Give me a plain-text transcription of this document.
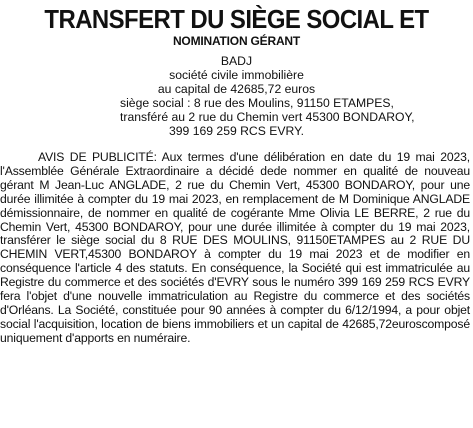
TRANSFERT DU SIÈGE SOCIAL ET
NOMINATION GÉRANT
BADJ
société civile immobilière
au capital de 42685,72 euros
siège social : 8 rue des Moulins, 91150 ETAMPES,
transféré au 2 rue du Chemin vert 45300 BONDAROY,
399 169 259 RCS EVRY.

AVIS DE PUBLICITÉ: Aux termes d'une délibération en date du 19 mai 2023, l'Assemblée Générale Extraordinaire a décidé dede nommer en qualité de nouveau gérant M Jean-Luc ANGLADE, 2 rue du Chemin Vert, 45300 BONDAROY, pour une durée illimitée à compter du 19 mai 2023, en remplacement de M Dominique ANGLADE démissionnaire, de nommer en qualité de cogérante Mme Olivia LE BERRE, 2 rue du Chemin Vert, 45300 BONDAROY, pour une durée illimitée à compter du 19 mai 2023, transférer le siège social du 8 RUE DES MOULINS, 91150ETAMPES au 2 RUE DU CHEMIN VERT,45300 BONDAROY à compter du 19 mai 2023 et de modifier en conséquence l'article 4 des statuts. En conséquence, la Société qui est immatriculée au Registre du commerce et des sociétés d'EVRY sous le numéro 399 169 259 RCS EVRY fera l'objet d'une nouvelle immatriculation au Registre du commerce et des sociétés d'Orléans. La Société, constituée pour 90 années à compter du 6/12/1994, a pour objet social l'acquisition, location de biens immobiliers et un capital de 42685,72euroscomposé uniquement d'apports en numéraire.
